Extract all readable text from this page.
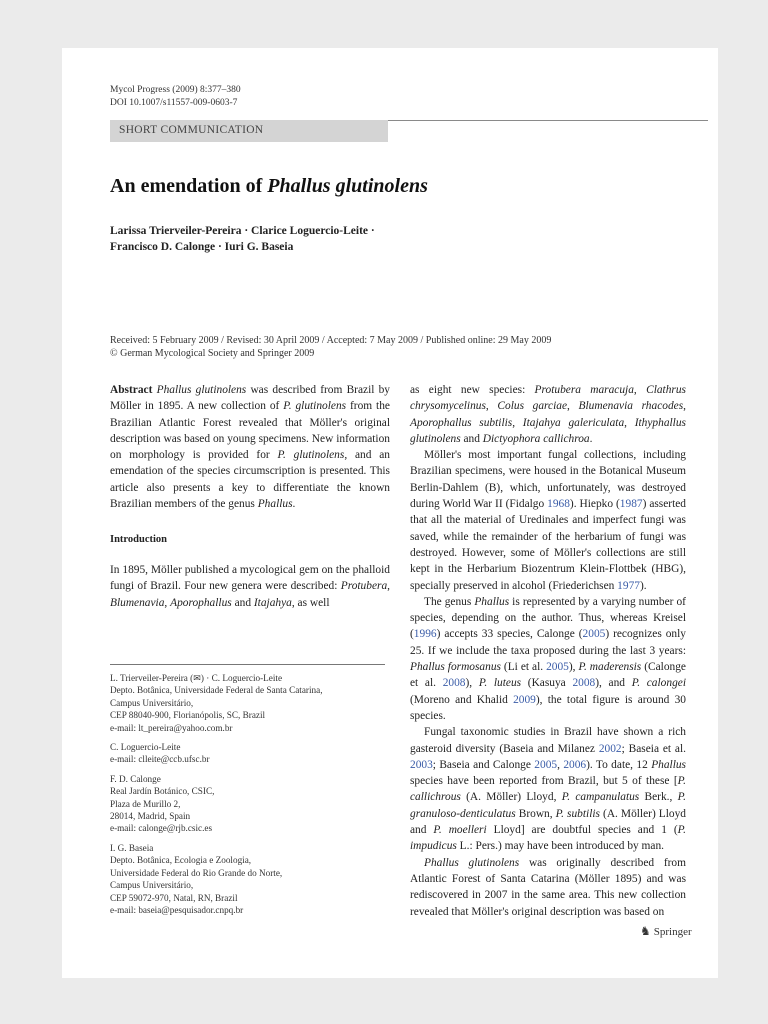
Mycol Progress (2009) 8:377–380
DOI 10.1007/s11557-009-0603-7
SHORT COMMUNICATION
An emendation of Phallus glutinolens
Larissa Trierveiler-Pereira · Clarice Loguercio-Leite ·
Francisco D. Calonge · Iuri G. Baseia
Received: 5 February 2009 / Revised: 30 April 2009 / Accepted: 7 May 2009 / Published online: 29 May 2009
© German Mycological Society and Springer 2009

Abstract Phallus glutinolens was described from Brazil by Möller in 1895. A new collection of P. glutinolens from the Brazilian Atlantic Forest revealed that Möller's original description was based on young specimens. New information on morphology is provided for P. glutinolens, and an emendation of the species circumscription is presented. This article also presents a key to differentiate the known Brazilian members of the genus Phallus.

Introduction

In 1895, Möller published a mycological gem on the phalloid fungi of Brazil. Four new genera were described: Protubera, Blumenavia, Aporophallus and Itajahya, as well

L. Trierveiler-Pereira (✉) · C. Loguercio-Leite
Depto. Botânica, Universidade Federal de Santa Catarina,
Campus Universitário,
CEP 88040-900, Florianópolis, SC, Brazil
e-mail: lt_pereira@yahoo.com.br

C. Loguercio-Leite
e-mail: clleite@ccb.ufsc.br

F. D. Calonge
Real Jardín Botánico, CSIC,
Plaza de Murillo 2,
28014, Madrid, Spain
e-mail: calonge@rjb.csic.es

I. G. Baseia
Depto. Botânica, Ecologia e Zoologia,
Universidade Federal do Rio Grande do Norte,
Campus Universitário,
CEP 59072-970, Natal, RN, Brazil
e-mail: baseia@pesquisador.cnpq.br

as eight new species: Protubera maracuja, Clathrus chrysomycelinus, Colus garciae, Blumenavia rhacodes, Aporophallus subtilis, Itajahya galericulata, Ithyphallus glutinolens and Dictyophora callichroa.

Möller's most important fungal collections, including Brazilian specimens, were housed in the Botanical Museum Berlin-Dahlem (B), which, unfortunately, was destroyed during World War II (Fidalgo 1968). Hiepko (1987) asserted that all the material of Uredinales and imperfect fungi was saved, while the remainder of the herbarium of fungi was destroyed. However, some of Möller's collections are still kept in the Herbarium Biozentrum Klein-Flottbek (HBG), specially preserved in alcohol (Friederichsen 1977).

The genus Phallus is represented by a varying number of species, depending on the author. Thus, whereas Kreisel (1996) accepts 33 species, Calonge (2005) recognizes only 25. If we include the taxa proposed during the last 3 years: Phallus formosanus (Li et al. 2005), P. maderensis (Calonge et al. 2008), P. luteus (Kasuya 2008), and P. calongei (Moreno and Khalid 2009), the total figure is around 30 species.

Fungal taxonomic studies in Brazil have shown a rich gasteroid diversity (Baseia and Milanez 2002; Baseia et al. 2003; Baseia and Calonge 2005, 2006). To date, 12 Phallus species have been reported from Brazil, but 5 of these [P. callichrous (A. Möller) Lloyd, P. campanulatus Berk., P. granuloso-denticulatus Brown, P. subtilis (A. Möller) Lloyd and P. moelleri Lloyd] are doubtful species and 1 (P. impudicus L.: Pers.) may have been introduced by man.

Phallus glutinolens was originally described from Atlantic Forest of Santa Catarina (Möller 1895) and was rediscovered in 2007 in the same area. This new collection revealed that Möller's original description was based on

♞ Springer
